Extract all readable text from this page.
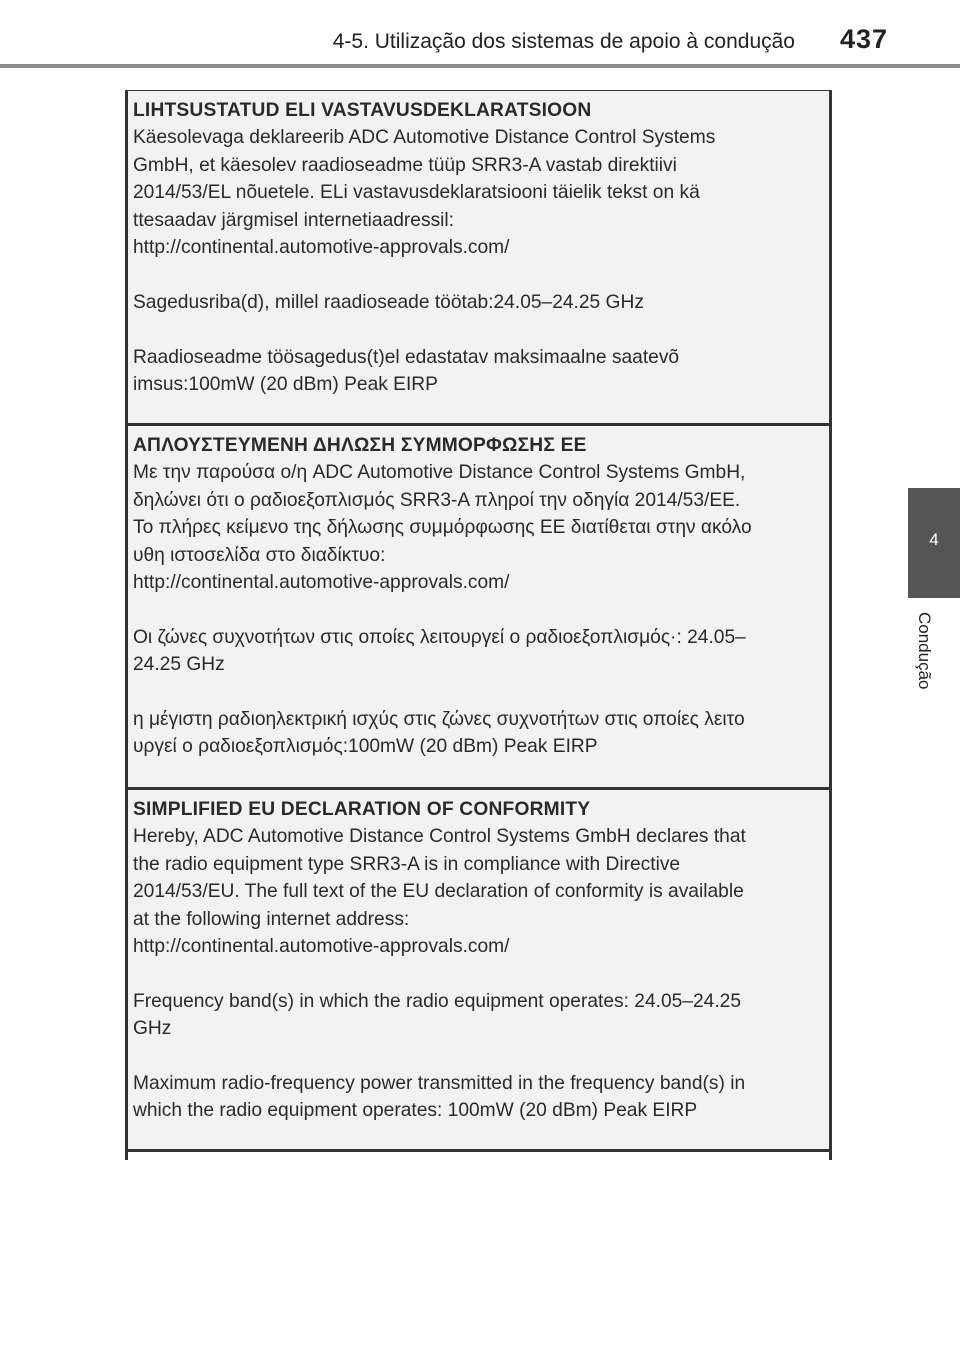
4-5. Utilização dos sistemas de apoio à condução 437
4
Condução
LIHTSUSTATUD ELI VASTAVUSDEKLARATSIOON
Käesolevaga deklareerib ADC Automotive Distance Control Systems
GmbH, et käesolev raadioseadme tüüp SRR3-A vastab direktiivi
2014/53/EL nõuetele. ELi vastavusdeklaratsiooni täielik tekst on kä
ttesaadav järgmisel internetiaadressil:
http://continental.automotive-approvals.com/
Sagedusriba(d), millel raadioseade töötab:24.05–24.25 GHz
Raadioseadme töösagedus(t)el edastatav maksimaalne saatevõ
imsus:100mW (20 dBm) Peak EIRP
ΑΠΛΟΥΣΤΕΥΜΕΝΗ ΔΗΛΩΣΗ ΣΥΜΜΟΡΦΩΣΗΣ ΕΕ
Με την παρούσα ο/η ADC Automotive Distance Control Systems GmbH,
δηλώνει ότι ο ραδιοεξοπλισμός SRR3-A πληροί την οδηγία 2014/53/ΕΕ.
Το πλήρες κείμενο της δήλωσης συμμόρφωσης ΕΕ διατίθεται στην ακόλο
υθη ιστοσελίδα στο διαδίκτυο:
http://continental.automotive-approvals.com/
Οι ζώνες συχνοτήτων στις οποίες λειτουργεί ο ραδιοεξοπλισμός·: 24.05–
24.25 GHz
η μέγιστη ραδιοηλεκτρική ισχύς στις ζώνες συχνοτήτων στις οποίες λειτο
υργεί ο ραδιοεξοπλισμός:100mW (20 dBm) Peak EIRP
SIMPLIFIED EU DECLARATION OF CONFORMITY
Hereby, ADC Automotive Distance Control Systems GmbH declares that
the radio equipment type SRR3-A is in compliance with Directive
2014/53/EU. The full text of the EU declaration of conformity is available
at the following internet address:
http://continental.automotive-approvals.com/
Frequency band(s) in which the radio equipment operates: 24.05–24.25
GHz
Maximum radio-frequency power transmitted in the frequency band(s) in
which the radio equipment operates: 100mW (20 dBm) Peak EIRP
